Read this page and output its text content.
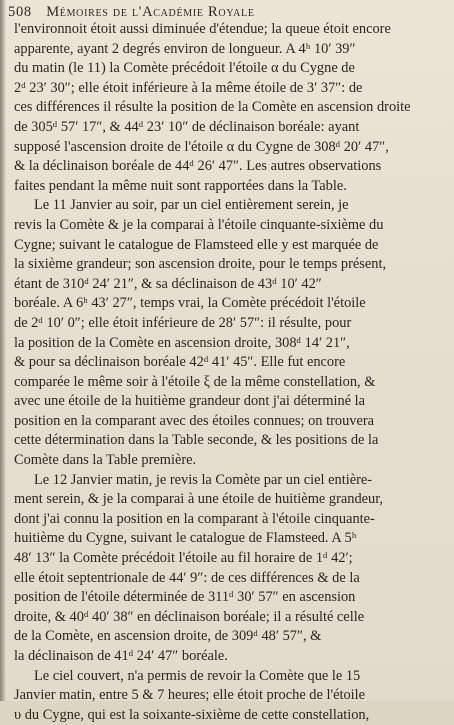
508 Mémoires de l'Académie Royale
l'environnoit étoit aussi diminuée d'étendue; la queue étoit encore
apparente, ayant 2 degrés environ de longueur. A 4ʰ 10′ 39″
du matin (le 11) la Comète précédoit l'étoile α du Cygne de
2ᵈ 23′ 30″; elle étoit inférieure à la même étoile de 3′ 37″: de
ces différences il résulte la position de la Comète en ascension droite
de 305ᵈ 57′ 17″, & 44ᵈ 23′ 10″ de déclinaison boréale: ayant
supposé l'ascension droite de l'étoile α du Cygne de 308ᵈ 20′ 47″,
& la déclinaison boréale de 44ᵈ 26′ 47″. Les autres observations
faites pendant la même nuit sont rapportées dans la Table.
Le 11 Janvier au soir, par un ciel entièrement serein, je
revis la Comète & je la comparai à l'étoile cinquante-sixième du
Cygne; suivant le catalogue de Flamsteed elle y est marquée de
la sixième grandeur; son ascension droite, pour le temps présent,
étant de 310ᵈ 24′ 21″, & sa déclinaison de 43ᵈ 10′ 42″
boréale. A 6ʰ 43′ 27″, temps vrai, la Comète précédoit l'étoile
de 2ᵈ 10′ 0″; elle étoit inférieure de 28′ 57″: il résulte, pour
la position de la Comète en ascension droite, 308ᵈ 14′ 21″,
& pour sa déclinaison boréale 42ᵈ 41′ 45″. Elle fut encore
comparée le même soir à l'étoile ξ de la même constellation, &
avec une étoile de la huitième grandeur dont j'ai déterminé la
position en la comparant avec des étoiles connues; on trouvera
cette détermination dans la Table seconde, & les positions de la
Comète dans la Table première.
Le 12 Janvier matin, je revis la Comète par un ciel entière-
ment serein, & je la comparai à une étoile de huitième grandeur,
dont j'ai connu la position en la comparant à l'étoile cinquante-
huitième du Cygne, suivant le catalogue de Flamsteed. A 5ʰ
48′ 13″ la Comète précédoit l'étoile au fil horaire de 1ᵈ 42′;
elle étoit septentrionale de 44′ 9″: de ces différences & de la
position de l'étoile déterminée de 311ᵈ 30′ 57″ en ascension
droite, & 40ᵈ 40′ 38″ en déclinaison boréale; il a résulté celle
de la Comète, en ascension droite, de 309ᵈ 48′ 57″, &
la déclinaison de 41ᵈ 24′ 47″ boréale.
Le ciel couvert, n'a permis de revoir la Comète que le 15
Janvier matin, entre 5 & 7 heures; elle étoit proche de l'étoile
υ du Cygne, qui est la soixante-sixième de cette constellation,
